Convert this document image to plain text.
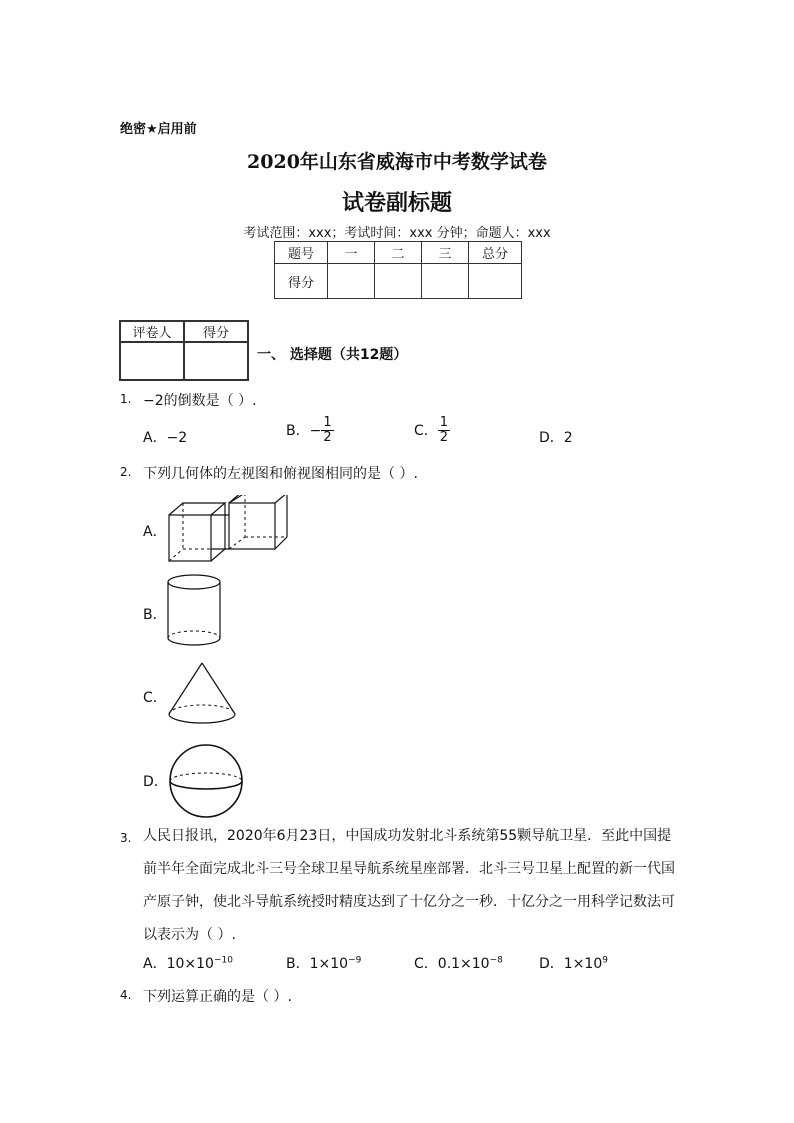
绝密★启用前
2020年山东省威海市中考数学试卷
试卷副标题
考试范围：xxx；考试时间：xxx 分钟；命题人：xxx
题号	一	二	三	总分
得分				
评卷人	得分

一、 选择题（共12题）
1. −2的倒数是（ ）.
A．−2	B．− $\frac{1}{2}$	C． $\frac{1}{2}$	D．2
2. 下列几何体的左视图和俯视图相同的是（ ）.
A．
B．
C．
D．
3. 人民日报讯，2020年6月23日，中国成功发射北斗系统第55颗导航卫星．至此中国提
前半年全面完成北斗三号全球卫星导航系统星座部署．北斗三号卫星上配置的新一代国
产原子钟，使北斗导航系统授时精度达到了十亿分之一秒．十亿分之一用科学记数法可
以表示为（ ）.
A．$10\times 10^{-10}$	B．$1\times 10^{-9}$	C．$0.1\times 10^{-8}$	D．$1\times 10^9$
4. 下列运算正确的是（ ）.
